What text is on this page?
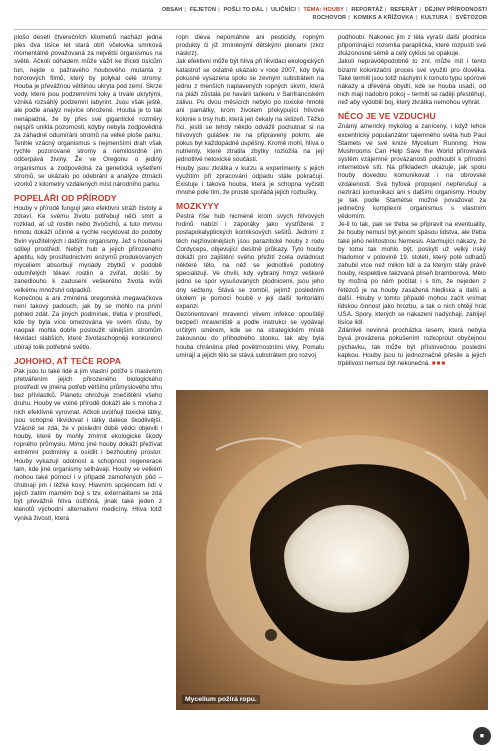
OBSAH | FEJETON | POŠLI TO DÁL | ULIČNÍCI | TÉMA: HOUBY | REPORTÁŽ | REFERÁT | DĚJINY PŘÍRODNOSTI
ROCHOVOR | KOMIKS A KŘÍŽOVKA | KULTURA | SVĚTOZOR

plošo desetí čtverečních kilometrů nachází jedna ples dva tisice let stará obří včelovka smrková momentálně považovaná za největší organismus na světě. Ačkoli odhadem může vážit ke třiceti tisícům tun, nejde o pažravého houbového mutanta z hororových filmů, který by polykal celé stromy. Houba je převážnou většinou ukryta pod zemí. Skrze vody, které jsou podzemními toky a trvale ukrytými, vzniká rozsáhlý podzemní labyrint. Jsou však ještě, ale podle analýz nejvíce ohrožené. Houba je to tak nenápadná, že by přes své gigantické rozměry nejspíš unikla pozornosti, kdyby nebyla zodpovědná za záhadné odumírání stromů na velké ploše parku. Tenhle vzácný organismus s nejmenšími drah však rychle pozorované stromy a nemilosrdně jim odčerpává živiny. Že ve Oregonu o jediný organismus a zodpovědná za genetická vyšetření stromů, se ukázalo po odebrání a analýze čtrnácti vzorků z kilometry vzdálených míst národního parku.

POPELÁŘI OD PŘÍRODY

Houby v přírodě fungují jako efektivní stráži čistoty a zdraví. Ke svému životu potřebují něčí smrt a rozklad, ať už rostlin nebo živočichů, a tuto mrtvou hmotu dokáží účinně a rychle recyklovat do podoby živin využitelných i dalšími organismy. Jež s houbami sdílejí prostředí. Nebýt hub a jejich přirozeného apetitu, kdy prostřednictvím enzymů produkovaných myceliem absorbují myriády zbytků v podobě odumřelých těkavi rostlin a zvířat, došlo by zanedlouho k zadusení veškerého života kvůli velkému množství odpadků.

Konečnou a ani zmíněná oregonská megavačkova není takový padouch, jak by se mohlo na první pohled zdát. Za jiných podmínek, třeba v prostředí, kde by byla více omezována ve svém růstu, by naopak mohla dobře posloužit silnějším stromům likvidací slabších, které životaschopněji konkurenci ubírají tolik potřebné světlo.

JOHOHO, AŤ TEČE ROPA

Pak jsou tu také lidé a jim vlastní potíže s masivním přetvářením jejich přirozeného biologického prostředí ve jména potřeb většího průmyslového trhu bez přívlastků. Planetu ohrožuje znečištění všeho druhu. Houby ve volné přírodě dokáží ale s mnoha z nich efektivně vyrovnat. Ačkoli uvolňují toxické látky, jsou schopné likvidovat i látky dalece škodlivější. Vzácně se zdá, že v poslední době vědci objevili i houby, které by mohly zmírnit ekologické škody ropného průmyslu. Mimo jiné houby dokáží přežívat extrémní podmínky a osídlit i bezhoubný prostor. Houby vykazují odolnost a schopnost regenerace tam, kde jiné organismy selhávají. Houby ve velkém mohou také pomoci i v případě zamořených půd – chutnají jim i těžké kovy. Hlavním spojencem lidí v jejich zatím marném boji s tzv. externalitami se zdá být převážně hlíva ústřičná, jinak také jeden z klenotů východní alternativní medicíny. Hlíva totiž vyniká živostí, která

ropn dieva nepomáhne ani pesticidy, ropným produkty či již zmíněnými dětskými plenami (zkrz naskrz).

Jak efektivní může být hlíva při likvidaci ekologických katastrof se ostatně ukázalo v roce 2007, kdy byla pokusně vysazena spolu se zevným substrátem na jednu z menších naplavených ropných skvrn, která na pláži zůstala po havárii tankeru v Sanfranciském zálivu. Po dvou měsících nebylo po toxické hmotě ani památky, krom životem překypující hlívové kolonie s trsy hub, která jen čekaly na sklizeň. Těžko říci, jestli se tehdy někdo odvážil pochutnat si na hlívových gulášek ne na připravený pokrm, ale pokus byl každopádně úspěšný. Kromě mohl, hlíva o nutrienty, které ztratila zbytky rozložila na její jednotlivé netoxické součásti.

Houby jsou zkrátka v kurzu a experimenty s jejich využitím při zpracování odpadu stále pokračují. Existuje i taková houba, která je schopna vyčistit mnohé pole tím, že prostě spořádá jejich rozbušky.

MOZKYYY

Pestrá říše hub nicméně krom svých hlívových hrdinů nabízí i záporáky jako vystřižené z postapokalyptických komiksových sešitů. Jedními z těch nejzlovolnějších jsou parazitické houby z rodu Cordyceps, objevující desítně průkazy. Tyto houby dokáží pro zajištění svého přežití zcela ovládnout některé tělo, na něž se jednotlivé podobný specializují. Ve chvíli, kdy vybraný hmyz veškeré jedno se spor vysušovaných plodnicemi, jsou jeho dny sečteny. Stává se zombií, jejímž posledním úkolem je pomoci houbě v její další teritoriální expanzi.

Dezorientovaní mravenci vlivem infekce opouštějí bezpečí mraveniště a podle instrukcí se vydávají určitým směrem, kde se na strategickém místě zakousnou do příhodného stonku, tak aby byla houba chráněna před povětrnostními vlivy. Pomalu umírají a jejich tělo se stává substrátem pro rozvoj

podhoubí. Nakonec jim z těla vyraší další plodnice připomínající rozsmíla paraplíčka, které rozpustí své zkázonosné sémě a celý cyklus se opakuje.

Jakoli nepravděpodobně to zní, může mít i tento bizarní kolonizační proces své využití pro člověka. Také termiti jsou totiž náchylní k tomuto typu spórové nákazy a dřevěná obydlí, kde se houba usadí, od nich mají nadobro pokoj – termiti se raději přestěhují, než aby výdobili boj, který zkrátka nemohou vyhrát.

NĚCO JE VE VZDUCHU

Známý americký mykolog a zaníceny, i když lehce excentrický popularizátor tajemného světa hub Paul Stamets ve své knize Mycelium Running: How Mushrooms Can Help Save the World přirovnává systém vzájemné provázanosti podhoubí k přírodní internetové síti. Na příkladech ukazuje, jak spolu houby dovedou komunikovat i na obrovské vzdálenosti. Svá hyfová propojení nepřerušují a neztrácí komunikaci ani s dalšími organismy. Houby je tak podle Stametse možné považovat za jedinečný komplexní organismus s vlastním vědomím.

Je-li to tak, pak se třeba se připravit na eventuality, že houby nemusí být jenom spásou lidstva, ale třeba také jeho nelítostnou Nemesis. Alarmující nákazy, že by tomu tak mohlo být, poskytl už velký irský hladomor v polovině 19. století, který poté odhadů zahubil více než milion lidí a za kterým stály právě houby, respektive takzvaná plíseň bramborová. Mělo by možná po něm počítat i s tím, že nejeden z řetězců je na houby zasažená hlediska a další a další. Houby v tomto případě mohou začít vnímat lidskou činnost jako hrozbu, a tak o nich chtějí hrát USA. Spory, kterých se nakazení nadýchají, zabíjejí tisíce lidí.

Zdánlivě nevinná procházka lesem, která nebyla byvá provázena pokušením rozkoprout obyčejnou pýchavku, tak může být příslovečnou poslední kapkou. Houby jsou tu jednoznačně přesile a jejich trpělivost nemusí být nekonečná. ■■■

Mycelium požírá ropu.
◼
